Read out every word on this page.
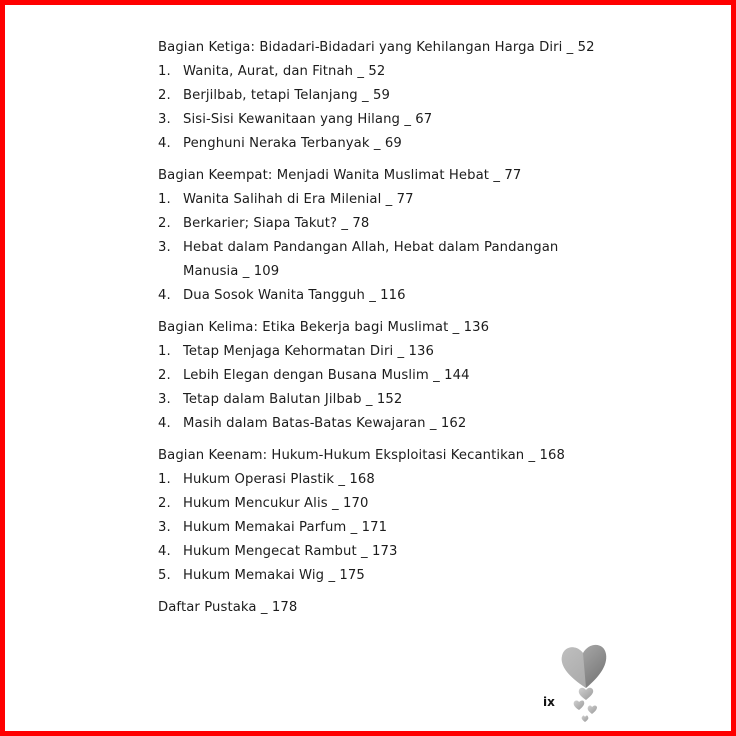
Bagian Ketiga: Bidadari-Bidadari yang Kehilangan Harga Diri _ 52
1. Wanita, Aurat, dan Fitnah _ 52
2. Berjilbab, tetapi Telanjang _ 59
3. Sisi-Sisi Kewanitaan yang Hilang _ 67
4. Penghuni Neraka Terbanyak _ 69
Bagian Keempat: Menjadi Wanita Muslimat Hebat _ 77
1. Wanita Salihah di Era Milenial _ 77
2. Berkarier; Siapa Takut? _ 78
3. Hebat dalam Pandangan Allah, Hebat dalam Pandangan
Manusia _ 109
4. Dua Sosok Wanita Tangguh _ 116
Bagian Kelima: Etika Bekerja bagi Muslimat _ 136
1. Tetap Menjaga Kehormatan Diri _ 136
2. Lebih Elegan dengan Busana Muslim _ 144
3. Tetap dalam Balutan Jilbab _ 152
4. Masih dalam Batas-Batas Kewajaran _ 162
Bagian Keenam: Hukum-Hukum Eksploitasi Kecantikan _ 168
1. Hukum Operasi Plastik _ 168
2. Hukum Mencukur Alis _ 170
3. Hukum Memakai Parfum _ 171
4. Hukum Mengecat Rambut _ 173
5. Hukum Memakai Wig _ 175
Daftar Pustaka _ 178
ix
